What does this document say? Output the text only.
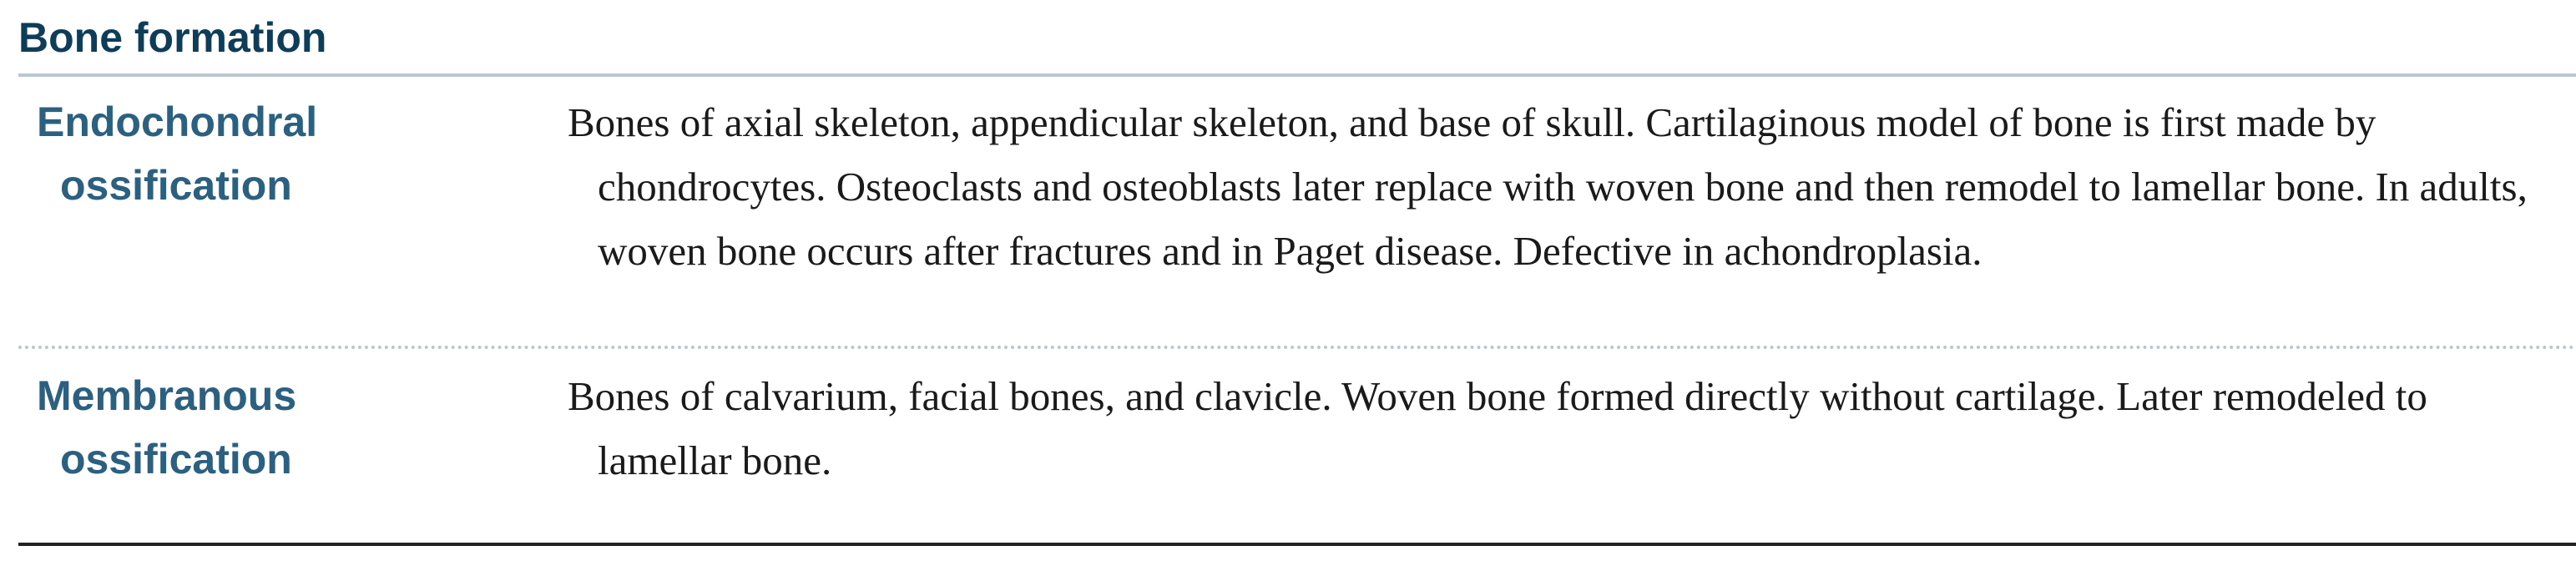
Bone formation
Endochondral
ossification
Bones of axial skeleton, appendicular skeleton, and base of skull. Cartilaginous model of bone is first made by chondrocytes. Osteoclasts and osteoblasts later replace with woven bone and then remodel to lamellar bone. In adults, woven bone occurs after fractures and in Paget disease. Defective in achondroplasia.
Membranous
ossification
Bones of calvarium, facial bones, and clavicle. Woven bone formed directly without cartilage. Later remodeled to lamellar bone.
